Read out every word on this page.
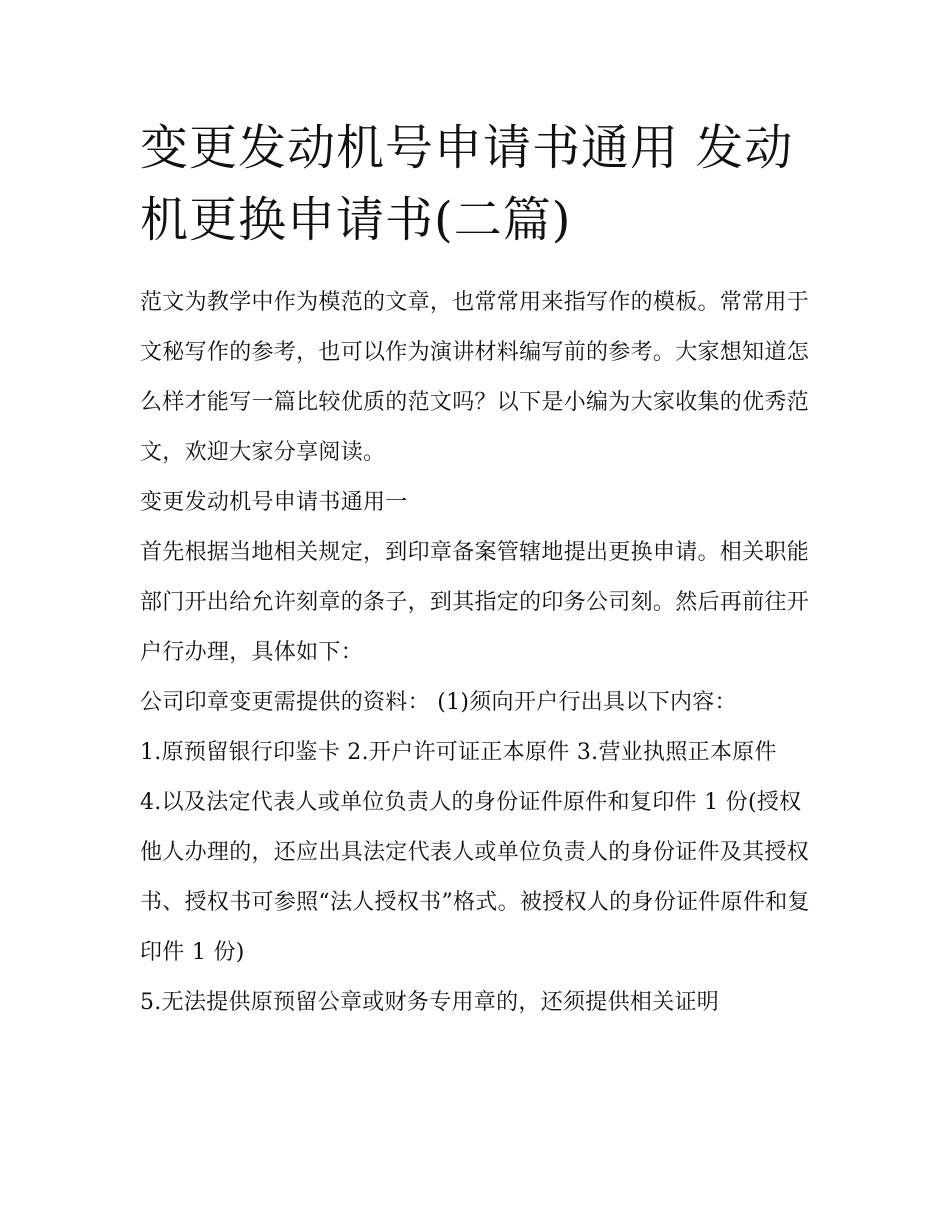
变更发动机号申请书通用 发动机更换申请书(二篇)

范文为教学中作为模范的文章，也常常用来指写作的模板。常常用于文秘写作的参考，也可以作为演讲材料编写前的参考。大家想知道怎么样才能写一篇比较优质的范文吗？以下是小编为大家收集的优秀范文，欢迎大家分享阅读。

变更发动机号申请书通用一

首先根据当地相关规定，到印章备案管辖地提出更换申请。相关职能部门开出给允许刻章的条子，到其指定的印务公司刻。然后再前往开户行办理，具体如下：

公司印章变更需提供的资料： (1)须向开户行出具以下内容：

1.原预留银行印鉴卡 2.开户许可证正本原件 3.营业执照正本原件

4.以及法定代表人或单位负责人的身份证件原件和复印件 1 份(授权他人办理的，还应出具法定代表人或单位负责人的身份证件及其授权书、授权书可参照“法人授权书”格式。被授权人的身份证件原件和复印件 1 份)

5.无法提供原预留公章或财务专用章的，还须提供相关证明
